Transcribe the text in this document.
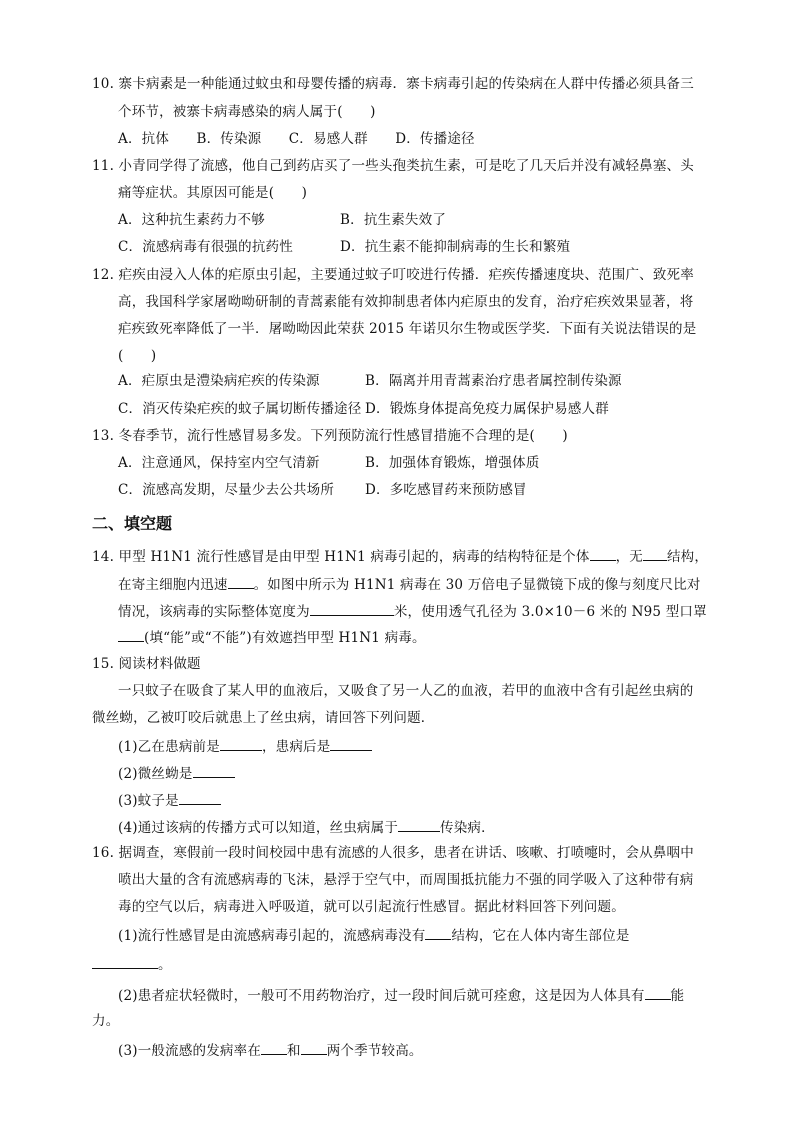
10. 寨卡病素是一种能通过蚊虫和母婴传播的病毒．寨卡病毒引起的传染病在人群中传播必须具备三
个环节，被寨卡病毒感染的病人属于(　　)
A．抗体　　B．传染源　　C．易感人群　　D．传播途径
11. 小青同学得了流感，他自己到药店买了一些头孢类抗生素，可是吃了几天后并没有减轻鼻塞、头
痛等症状。其原因可能是(　　)
A．这种抗生素药力不够	B．抗生素失效了
C．流感病毒有很强的抗药性	D．抗生素不能抑制病毒的生长和繁殖
12. 疟疾由浸入人体的疟原虫引起，主要通过蚊子叮咬进行传播．疟疾传播速度块、范围广、致死率
高，我国科学家屠呦呦研制的青蒿素能有效抑制患者体内疟原虫的发育，治疗疟疾效果显著，将
疟疾致死率降低了一半．屠呦呦因此荣获 2015 年诺贝尔生物或医学奖．下面有关说法错误的是
(　　)
A．疟原虫是澧染病疟疾的传染源	B．隔离并用青蒿素治疗患者属控制传染源
C．消灭传染疟疾的蚊子属切断传播途径 D．锻炼身体提高免疫力属保护易感人群
13. 冬春季节，流行性感冒易多发。下列预防流行性感冒措施不合理的是(　　)
A．注意通风，保持室内空气清新	B．加强体育锻炼，增强体质
C．流感高发期，尽量少去公共场所 D．多吃感冒药来预防感冒
二、填空题
14. 甲型 H1N1 流行性感冒是由甲型 H1N1 病毒引起的，病毒的结构特征是个体 ，无 结构，
在寄主细胞内迅速 。如图中所示为 H1N1 病毒在 30 万倍电子显微镜下成的像与刻度尺比对
情况，该病毒的实际整体宽度为	米，使用透气孔径为 3.0×10－6 米的 N95 型口罩
(填“能”或“不能”)有效遮挡甲型 H1N1 病毒。
15. 阅读材料做题
一只蚊子在吸食了某人甲的血液后，又吸食了另一人乙的血液，若甲的血液中含有引起丝虫病的
微丝蚴，乙被叮咬后就患上了丝虫病，请回答下列问题．
(1)乙在患病前是	，患病后是
(2)微丝蚴是
(3)蚊子是
(4)通过该病的传播方式可以知道，丝虫病属于	传染病．
16. 据调查，寒假前一段时间校园中患有流感的人很多，患者在讲话、咳嗽、打喷嚏时，会从鼻咽中
喷出大量的含有流感病毒的飞沫，悬浮于空气中，而周围抵抗能力不强的同学吸入了这种带有病
毒的空气以后，病毒进入呼吸道，就可以引起流行性感冒。据此材料回答下列问题。
(1)流行性感冒是由流感病毒引起的，流感病毒没有 结构，它在人体内寄生部位是
。
(2)患者症状轻微时，一般可不用药物治疗，过一段时间后就可痊愈，这是因为人体具有 能
力。
(3)一般流感的发病率在 和 两个季节较高。
